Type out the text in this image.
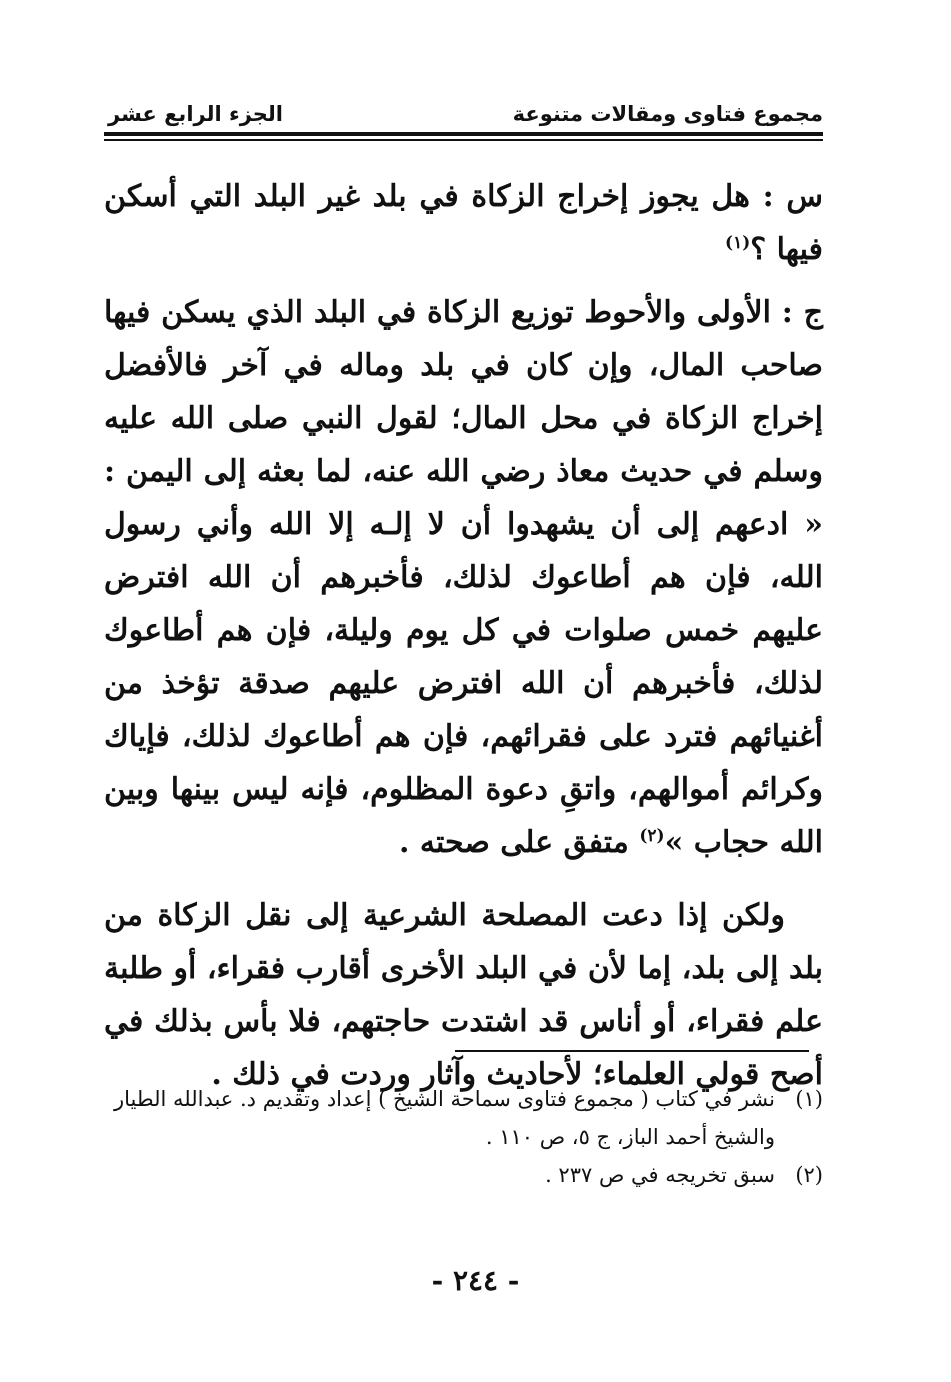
مجموع فتاوى ومقالات متنوعة
الجزء الرابع عشر

س : هل يجوز إخراج الزكاة في بلد غير البلد التي أسكن فيها ؟$^{(١)}$

ج : الأولى والأحوط توزيع الزكاة في البلد الذي يسكن فيها صاحب المال، وإن كان في بلد وماله في آخر فالأفضل إخراج الزكاة في محل المال؛ لقول النبي صلى الله عليه وسلم في حديث معاذ رضي الله عنه، لما بعثه إلى اليمن : « ادعهم إلى أن يشهدوا أن لا إلـه إلا الله وأني رسول الله، فإن هم أطاعوك لذلك، فأخبرهم أن الله افترض عليهم خمس صلوات في كل يوم وليلة، فإن هم أطاعوك لذلك، فأخبرهم أن الله افترض عليهم صدقة تؤخذ من أغنيائهم فترد على فقرائهم، فإن هم أطاعوك لذلك، فإياك وكرائم أموالهم، واتقِ دعوة المظلوم، فإنه ليس بينها وبين الله حجاب »$^{(٢)}$ متفق على صحته .

ولكن إذا دعت المصلحة الشرعية إلى نقل الزكاة من بلد إلى بلد، إما لأن في البلد الأخرى أقارب فقراء، أو طلبة علم فقراء، أو أناس قد اشتدت حاجتهم، فلا بأس بذلك في أصح قولي العلماء؛ لأحاديث وآثار وردت في ذلك .

(١)
نشر في كتاب ( مجموع فتاوى سماحة الشيخ ) إعداد وتقديم د. عبدالله الطيار والشيخ أحمد الباز، ج ٥، ص ١١٠ .
(٢)
سبق تخريجه في ص ٢٣٧ .
- ٢٤٤ -
